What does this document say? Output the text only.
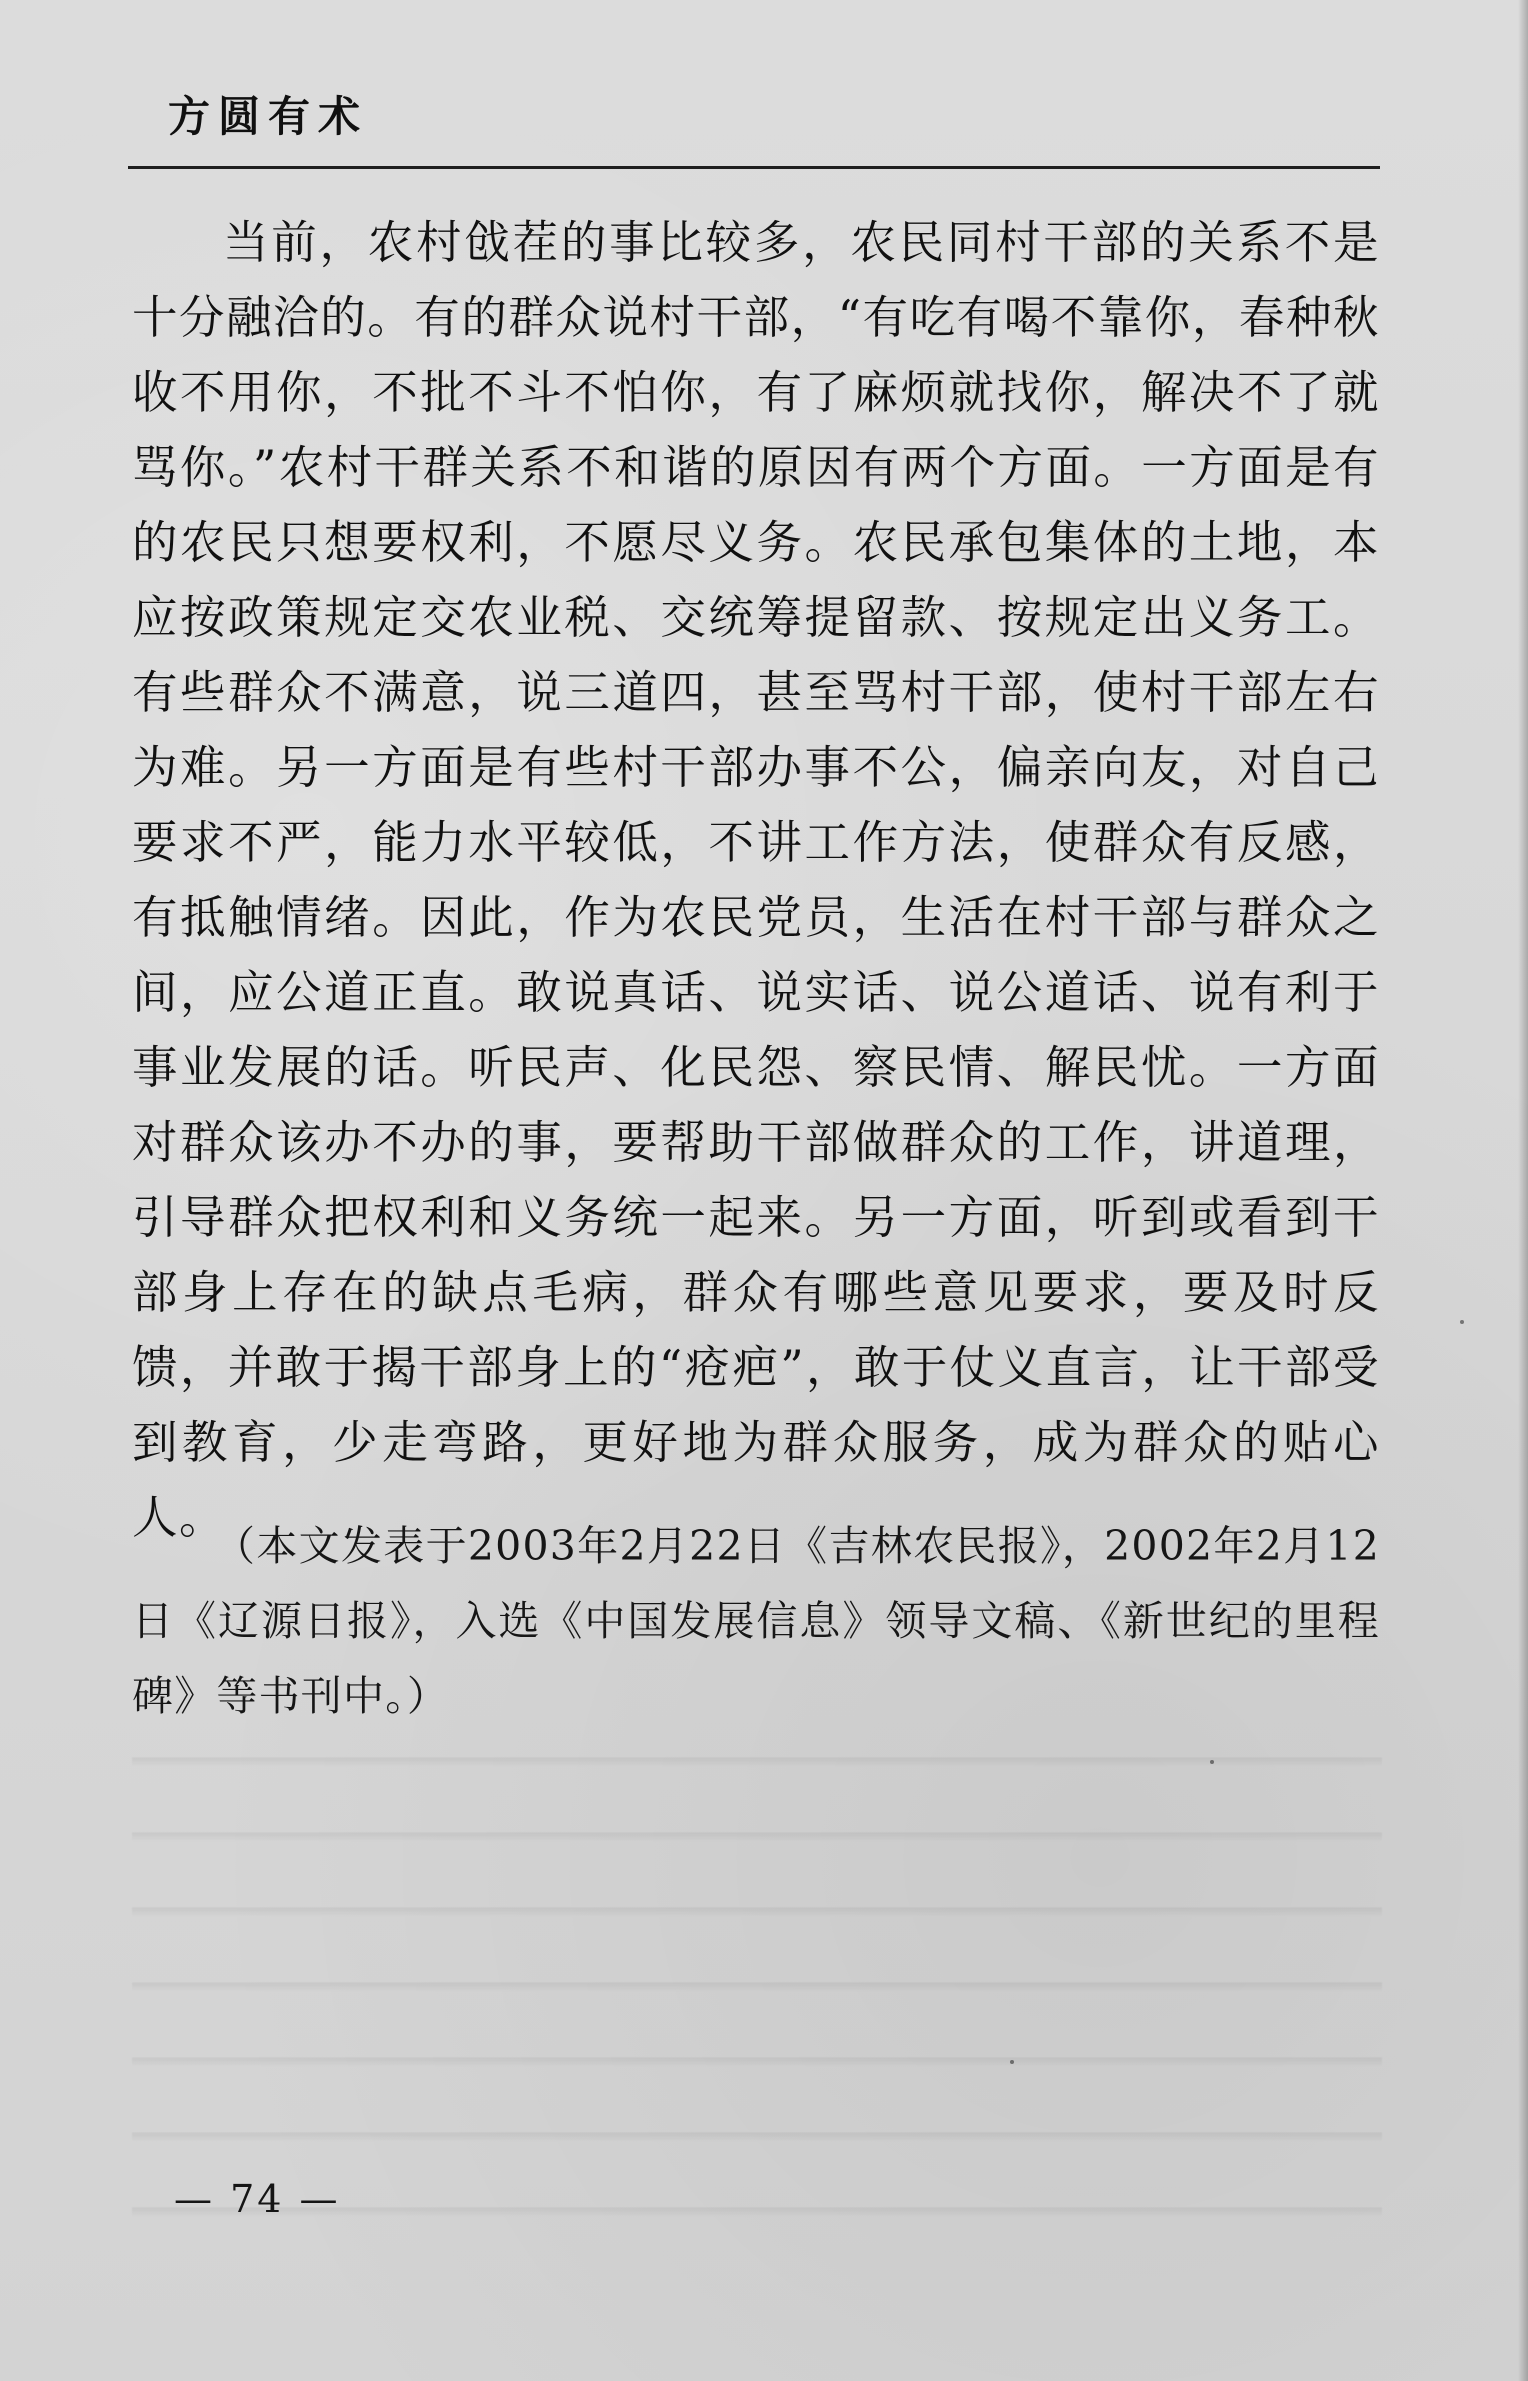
方圆有术

当前，农村戗茬的事比较多，农民同村干部的关系不是十分融洽的。有的群众说村干部，“有吃有喝不靠你，春种秋收不用你，不批不斗不怕你，有了麻烦就找你，解决不了就骂你。”农村干群关系不和谐的原因有两个方面。一方面是有的农民只想要权利，不愿尽义务。农民承包集体的土地，本应按政策规定交农业税、交统筹提留款、按规定出义务工。有些群众不满意，说三道四，甚至骂村干部，使村干部左右为难。另一方面是有些村干部办事不公，偏亲向友，对自己要求不严，能力水平较低，不讲工作方法，使群众有反感，有抵触情绪。因此，作为农民党员，生活在村干部与群众之间，应公道正直。敢说真话、说实话、说公道话、说有利于事业发展的话。听民声、化民怨、察民情、解民忧。一方面对群众该办不办的事，要帮助干部做群众的工作，讲道理，引导群众把权利和义务统一起来。另一方面，听到或看到干部身上存在的缺点毛病，群众有哪些意见要求，要及时反馈，并敢于揭干部身上的“疮疤”，敢于仗义直言，让干部受到教育，少走弯路，更好地为群众服务，成为群众的贴心人。

（本文发表于2003年2月22日《吉林农民报》，2002年2月12日《辽源日报》，入选《中国发展信息》领导文稿、《新世纪的里程碑》等书刊中。）

— 74 —
